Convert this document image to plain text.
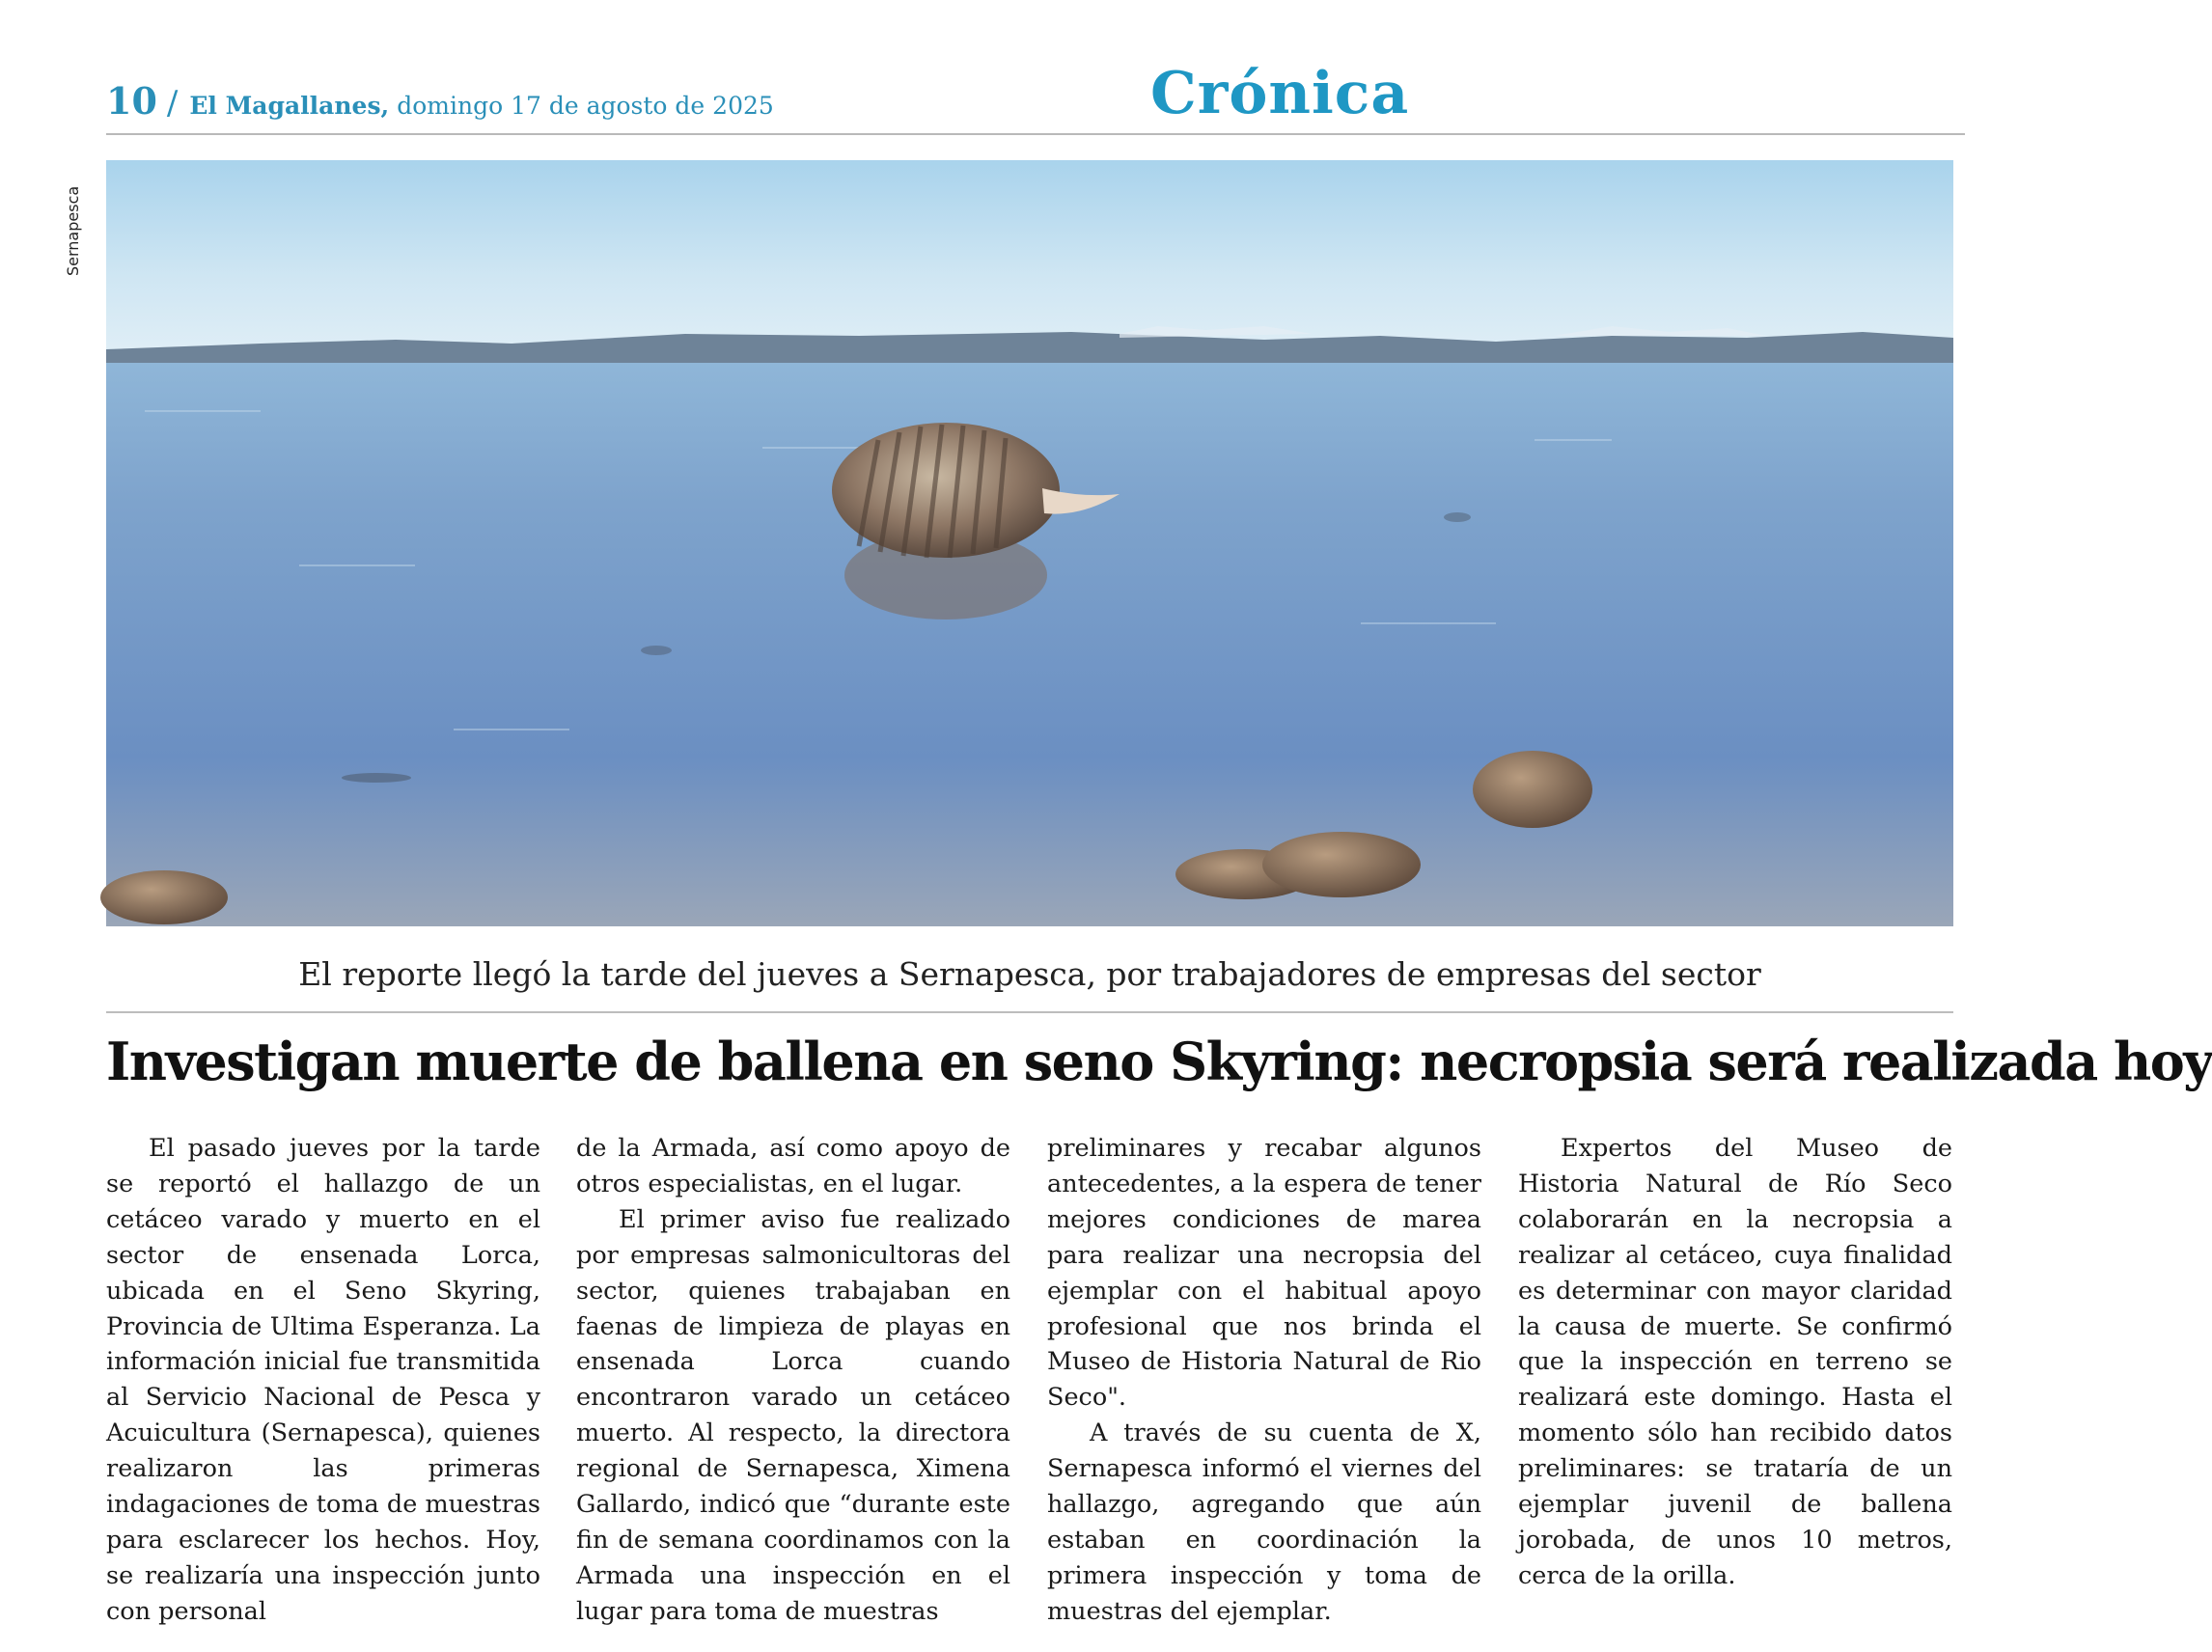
10 / El Magallanes, domingo 17 de agosto de 2025	Crónica
Sernapesca
El reporte llegó la tarde del jueves a Sernapesca, por trabajadores de empresas del sector
Investigan muerte de ballena en seno Skyring: necropsia será realizada hoy

El pasado jueves por la tarde se reportó el hallazgo de un cetáceo varado y muerto en el sector de ensenada Lorca, ubicada en el Seno Skyring, Provincia de Ultima Esperanza. La información inicial fue transmitida al Servicio Nacional de Pesca y Acuicultura (Sernapesca), quienes realizaron las primeras indagaciones de toma de muestras para esclarecer los hechos. Hoy, se realizaría una inspección junto con personal

de la Armada, así como apoyo de otros especialistas, en el lugar.

El primer aviso fue realizado por empresas salmonicultoras del sector, quienes trabajaban en faenas de limpieza de playas en ensenada Lorca cuando encontraron varado un cetáceo muerto. Al respecto, la directora regional de Sernapesca, Ximena Gallardo, indicó que “durante este fin de semana coordinamos con la Armada una inspección en el lugar para toma de muestras

preliminares y recabar algunos antecedentes, a la espera de tener mejores condiciones de marea para realizar una necropsia del ejemplar con el habitual apoyo profesional que nos brinda el Museo de Historia Natural de Rio Seco".

A través de su cuenta de X, Sernapesca informó el viernes del hallazgo, agregando que aún estaban en coordinación la primera inspección y toma de muestras del ejemplar.

Expertos del Museo de Historia Natural de Río Seco colaborarán en la necropsia a realizar al cetáceo, cuya finalidad es determinar con mayor claridad la causa de muerte. Se confirmó que la inspección en terreno se realizará este domingo. Hasta el momento sólo han recibido datos preliminares: se trataría de un ejemplar juvenil de ballena jorobada, de unos 10 metros, cerca de la orilla.
